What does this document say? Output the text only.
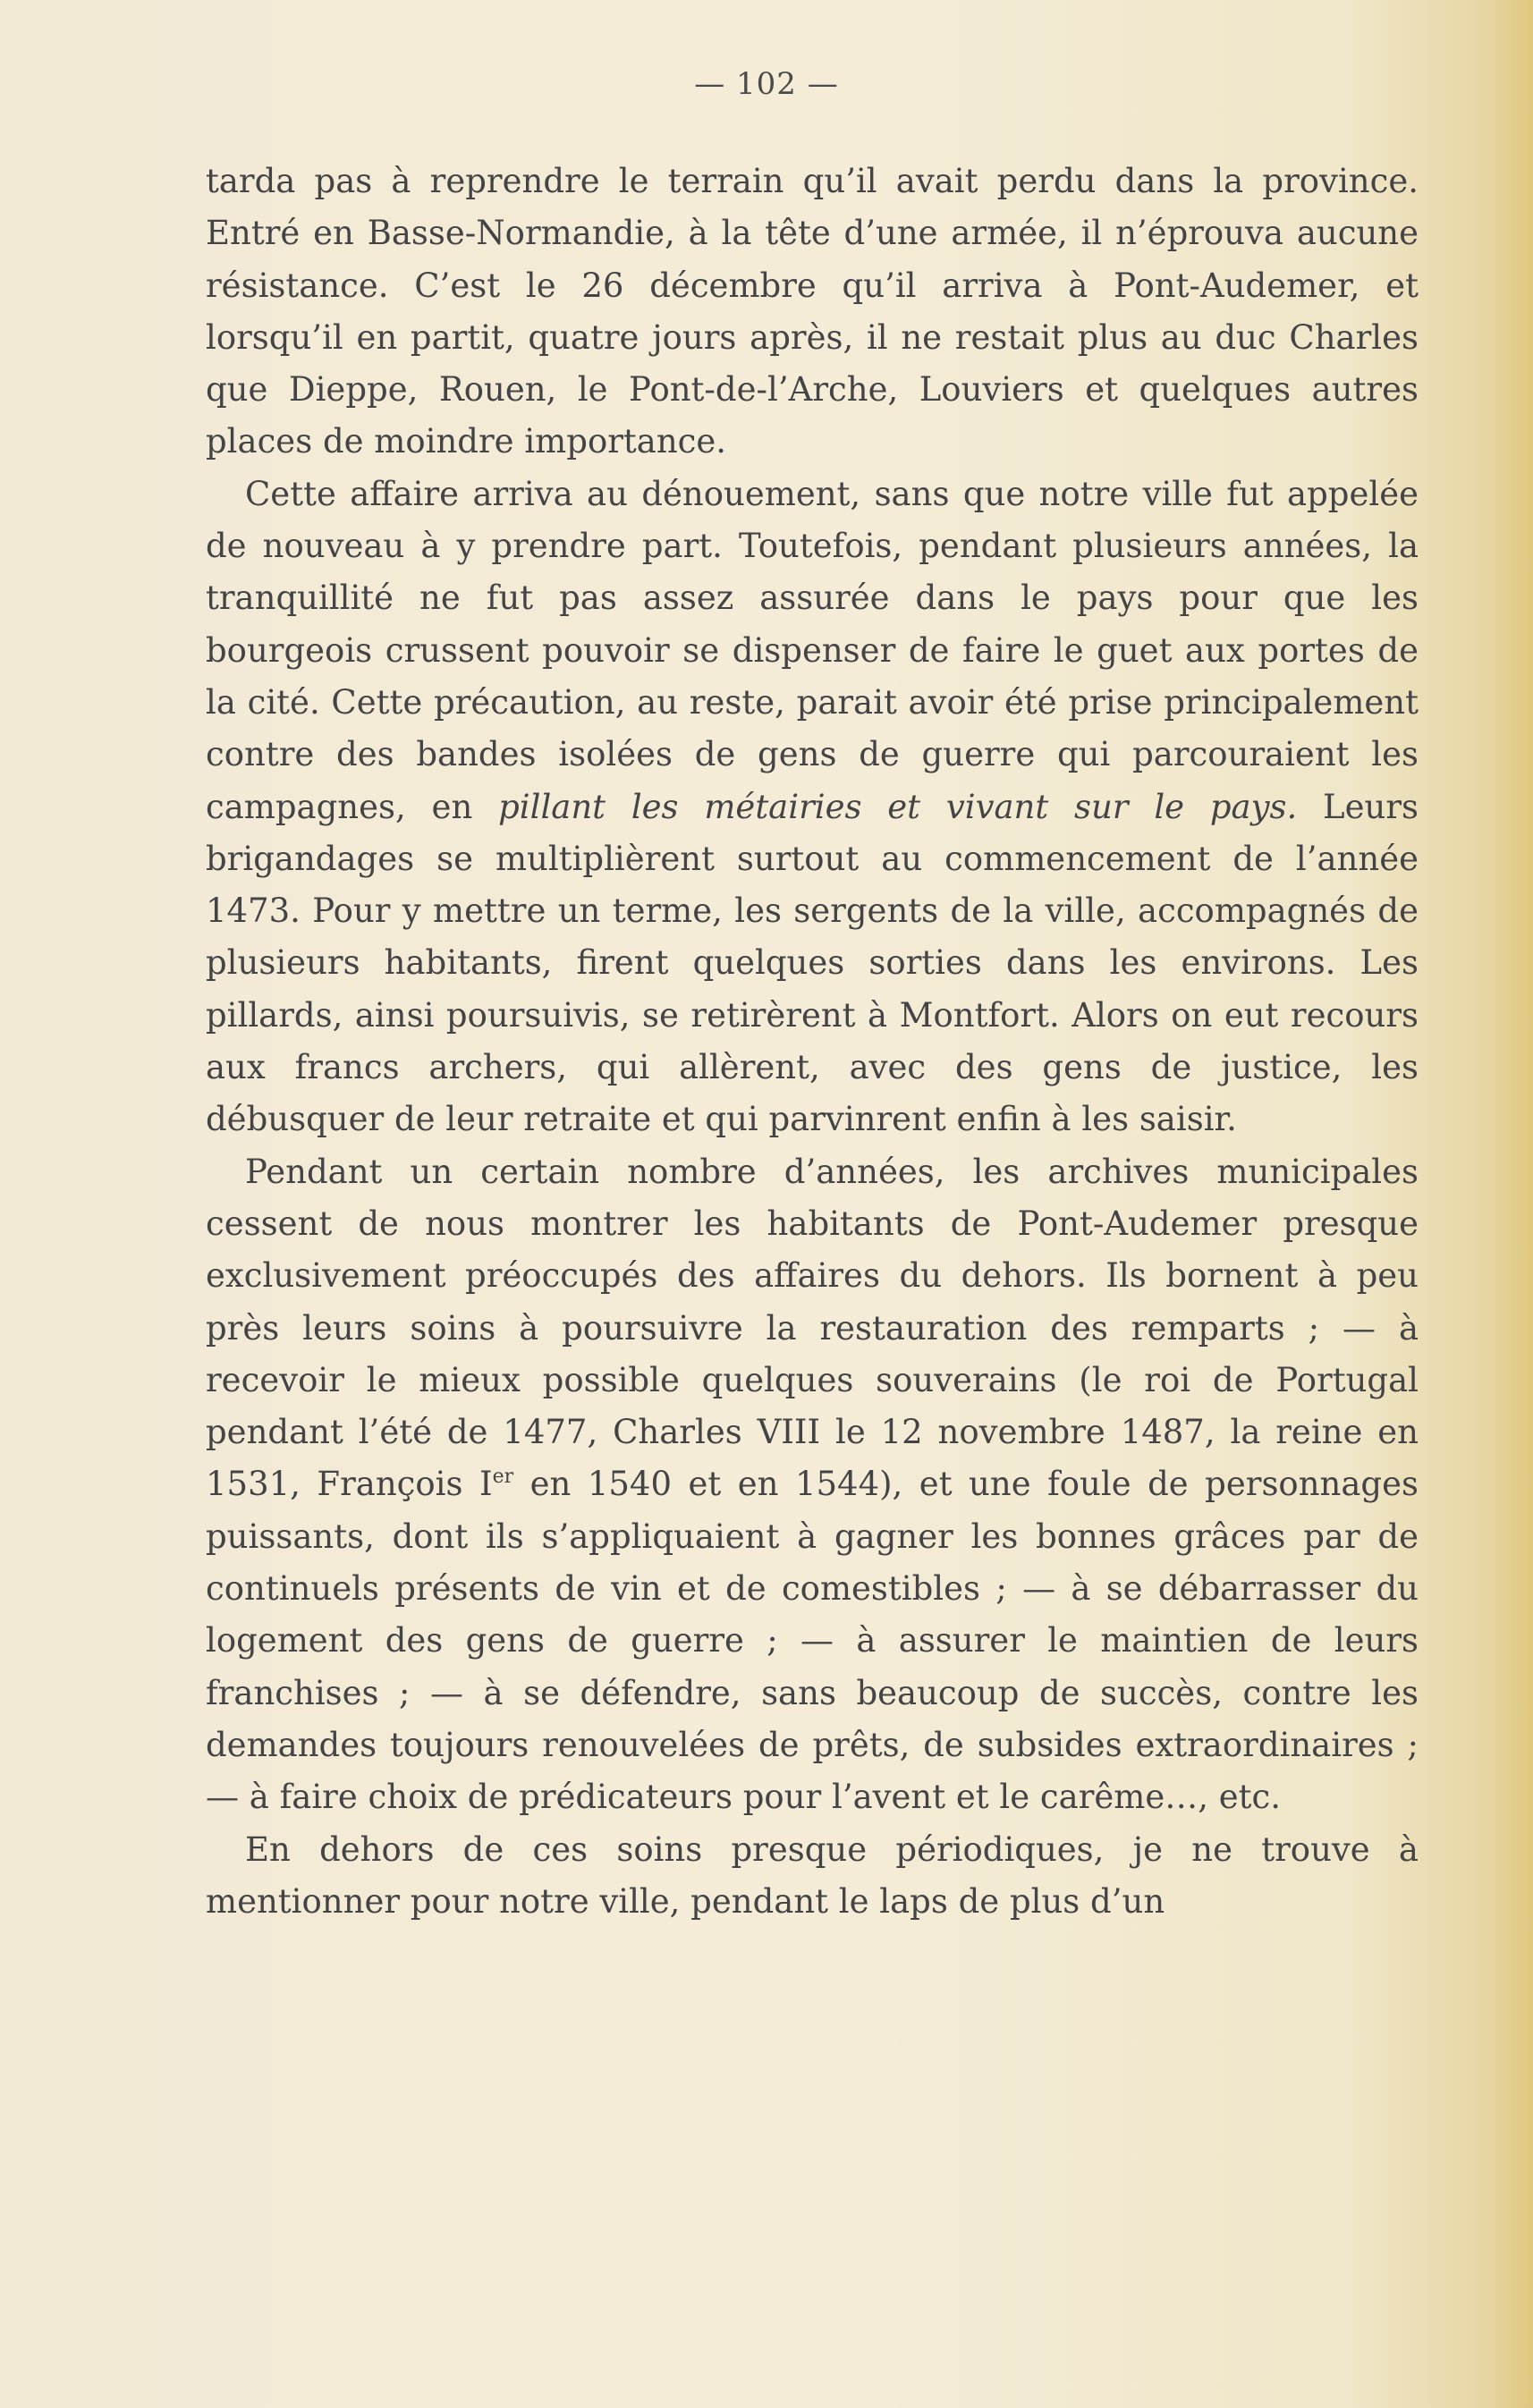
— 102 —

tarda pas à reprendre le terrain qu’il avait perdu dans la province. Entré en Basse-Normandie, à la tête d’une armée, il n’éprouva aucune résistance. C’est le 26 décembre qu’il arriva à Pont-Audemer, et lorsqu’il en partit, quatre jours après, il ne restait plus au duc Charles que Dieppe, Rouen, le Pont-de-l’Arche, Louviers et quelques autres places de moindre importance.

Cette affaire arriva au dénouement, sans que notre ville fut appelée de nouveau à y prendre part. Toutefois, pendant plusieurs années, la tranquillité ne fut pas assez assurée dans le pays pour que les bourgeois crussent pouvoir se dispenser de faire le guet aux portes de la cité. Cette précaution, au reste, parait avoir été prise principalement contre des bandes isolées de gens de guerre qui parcouraient les campagnes, en pillant les métairies et vivant sur le pays. Leurs brigandages se multiplièrent surtout au commencement de l’année 1473. Pour y mettre un terme, les sergents de la ville, accompagnés de plusieurs habitants, firent quelques sorties dans les environs. Les pillards, ainsi poursuivis, se retirèrent à Montfort. Alors on eut recours aux francs archers, qui allèrent, avec des gens de justice, les débusquer de leur retraite et qui parvinrent enfin à les saisir.

Pendant un certain nombre d’années, les archives municipales cessent de nous montrer les habitants de Pont-Audemer presque exclusivement préoccupés des affaires du dehors. Ils bornent à peu près leurs soins à poursuivre la restauration des remparts ; — à recevoir le mieux possible quelques souverains (le roi de Portugal pendant l’été de 1477, Charles VIII le 12 novembre 1487, la reine en 1531, François Ier en 1540 et en 1544), et une foule de personnages puissants, dont ils s’appliquaient à gagner les bonnes grâces par de continuels présents de vin et de comestibles ; — à se débarrasser du logement des gens de guerre ; — à assurer le maintien de leurs franchises ; — à se défendre, sans beaucoup de succès, contre les demandes toujours renouvelées de prêts, de subsides extraordinaires ; — à faire choix de prédicateurs pour l’avent et le carême…, etc.

En dehors de ces soins presque périodiques, je ne trouve à mentionner pour notre ville, pendant le laps de plus d’un
